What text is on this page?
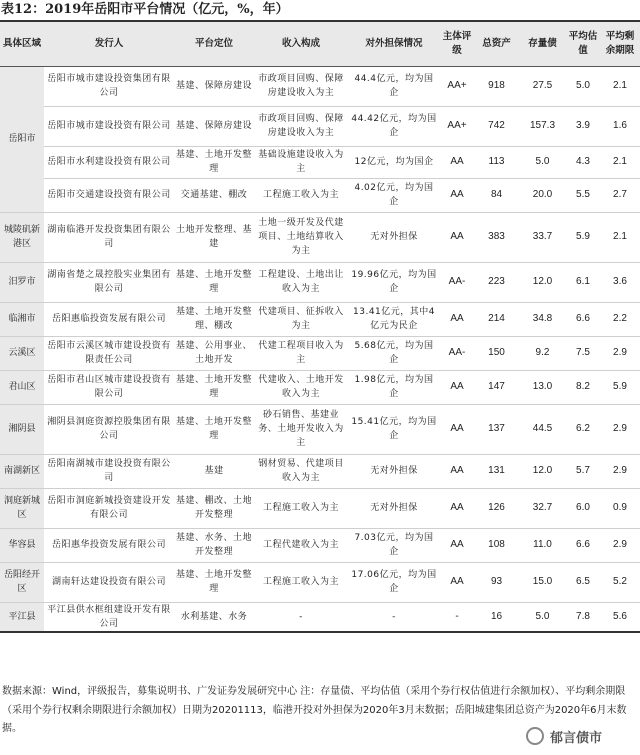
表12：2019年岳阳市平台情况（亿元，%，年）
具体区域	发行人	平台定位	收入构成	对外担保情况	主体评级	总资产	存量债	平均估值	平均剩余期限
岳阳市	岳阳市城市建设投资集团有限公司	基建、保障房建设	市政项目回购、保障房建设收入为主	44.4亿元，均为国企	AA+	918	27.5	5.0	2.1
	岳阳市城市建设投资有限公司	基建、保障房建设	市政项目回购、保障房建设收入为主	44.42亿元，均为国企	AA+	742	157.3	3.9	1.6
	岳阳市水利建设投资有限公司	基建、土地开发整理	基础设施建设收入为主	12亿元，均为国企	AA	113	5.0	4.3	2.1
	岳阳市交通建设投资有限公司	交通基建、棚改	工程施工收入为主	4.02亿元，均为国企	AA	84	20.0	5.5	2.7
城陵矶新港区	湖南临港开发投资集团有限公司	土地开发整理、基建	土地一级开发及代建项目、土地结算收入为主	无对外担保	AA	383	33.7	5.9	2.1
汨罗市	湖南省楚之晟控股实业集团有限公司	基建、土地开发整理	工程建设、土地出让收入为主	19.96亿元，均为国企	AA-	223	12.0	6.1	3.6
临湘市	岳阳惠临投资发展有限公司	基建、土地开发整理、棚改	代建项目、征拆收入为主	13.41亿元，其中4亿元为民企	AA	214	34.8	6.6	2.2
云溪区	岳阳市云溪区城市建设投资有限责任公司	基建、公用事业、土地开发	代建工程项目收入为主	5.68亿元，均为国企	AA-	150	9.2	7.5	2.9
君山区	岳阳市君山区城市建设投资有限公司	基建、土地开发整理	代建收入、土地开发收入为主	1.98亿元，均为国企	AA	147	13.0	8.2	5.9
湘阴县	湘阴县洞庭资源控股集团有限公司	基建、土地开发整理	砂石销售、基建业务、土地开发收入为主	15.41亿元，均为国企	AA	137	44.5	6.2	2.9
南湖新区	岳阳南湖城市建设投资有限公司	基建	钢材贸易、代建项目收入为主	无对外担保	AA	131	12.0	5.7	2.9
洞庭新城区	岳阳市洞庭新城投资建设开发有限公司	基建、棚改、土地开发整理	工程施工收入为主	无对外担保	AA	126	32.7	6.0	0.9
华容县	岳阳惠华投资发展有限公司	基建、水务、土地开发整理	工程代建收入为主	7.03亿元，均为国企	AA	108	11.0	6.6	2.9
岳阳经开区	湖南轩达建设投资有限公司	基建、土地开发整理	工程施工收入为主	17.06亿元，均为国企	AA	93	15.0	6.5	5.2
平江县	平江县供水框组建设开发有限公司	水利基建、水务	-	-	-	16	5.0	7.8	5.6
数据来源：Wind，评级报告，募集说明书、广发证券发展研究中心 注：存量债、平均估值（采用个券行权估值进行余额加权）、平均剩余期限（采用个券行权剩余期限进行余额加权）日期为20201113，临港开投对外担保为2020年3月末数据；岳阳城建集团总资产为2020年6月末数据。
郁言债市
